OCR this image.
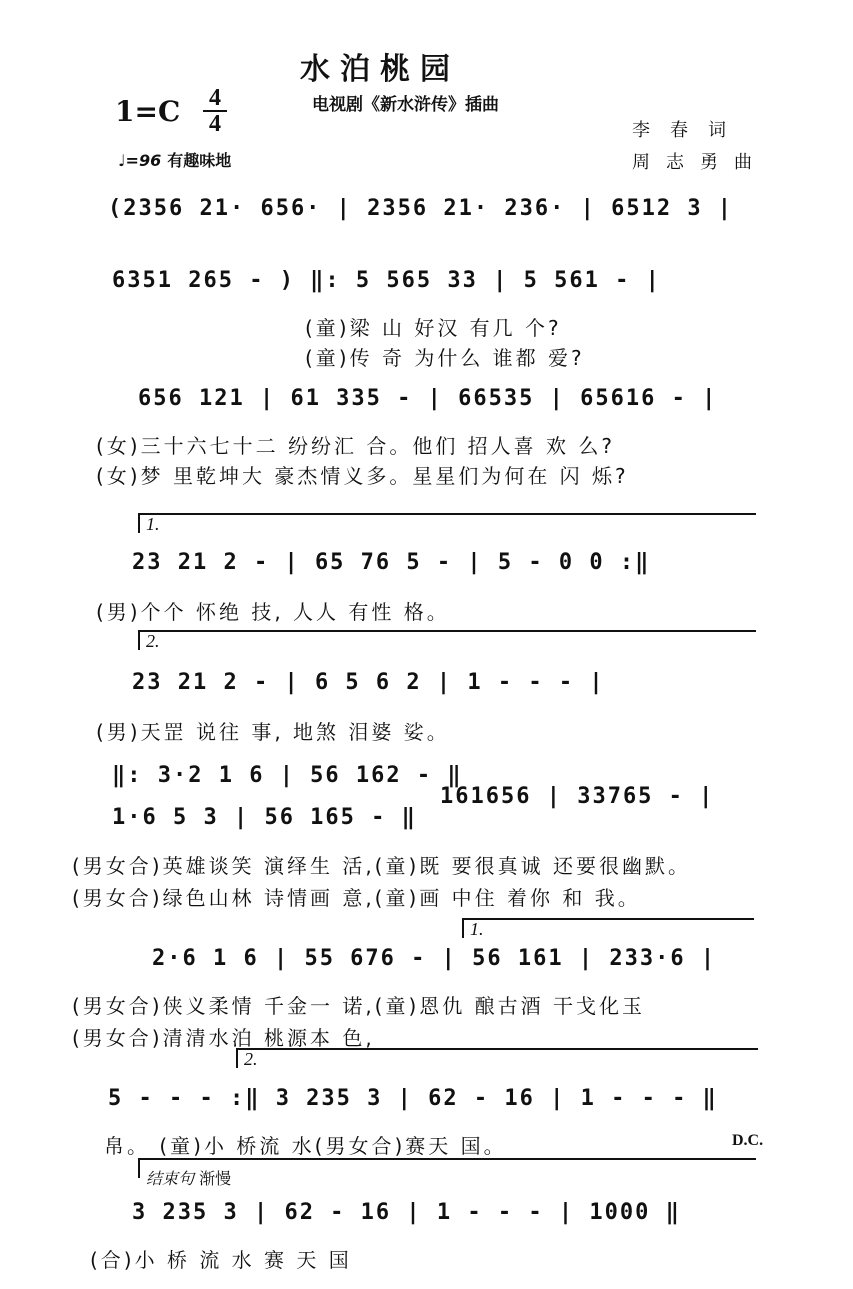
水泊桃园
电视剧《新水浒传》插曲
1=C 4
4	李春词
周志勇曲
♩=96 有趣味地
(2356 21· 656· | 2356 21· 236· | 6512 3 |
6351 265 - ) ‖: 5 565 33 | 5 561 - |
(童)梁 山 好汉 有几 个?
(童)传 奇 为什么 谁都 爱?
656 121 | 61 335 - | 66535 | 65616 - |
(女)三十六七十二 纷纷汇 合。他们 招人喜 欢 么?
(女)梦 里乾坤大 豪杰情义多。星星们为何在 闪 烁?
1.
23 21 2 - | 65 76 5 - | 5 - 0 0 :‖
(男)个个 怀绝 技, 人人 有性 格。
2.
23 21 2 - | 6 5 6 2 | 1 - - - |
(男)天罡 说往 事, 地煞 泪婆 娑。
‖: 3·2 1 6 | 56 162 - ‖
1·6 5 3 | 56 165 - ‖
161656 | 33765 - |
(男女合)英雄谈笑 演绎生 活,(童)既 要很真诚 还要很幽默。
(男女合)绿色山林 诗情画 意,(童)画 中住 着你 和 我。
1.
2·6 1 6 | 55 676 - | 56 161 | 233·6 |
(男女合)侠义柔情 千金一 诺,(童)恩仇 酿古酒 干戈化玉
(男女合)清清水泊 桃源本 色,
2.
5 - - - :‖ 3 235 3 | 62 - 16 | 1 - - - ‖
帛。 (童)小 桥流 水(男女合)赛天 国。	D.C.
结束句 渐慢
3 235 3 | 62 - 16 | 1 - - - | 1000 ‖
(合)小 桥 流 水 赛 天 国
